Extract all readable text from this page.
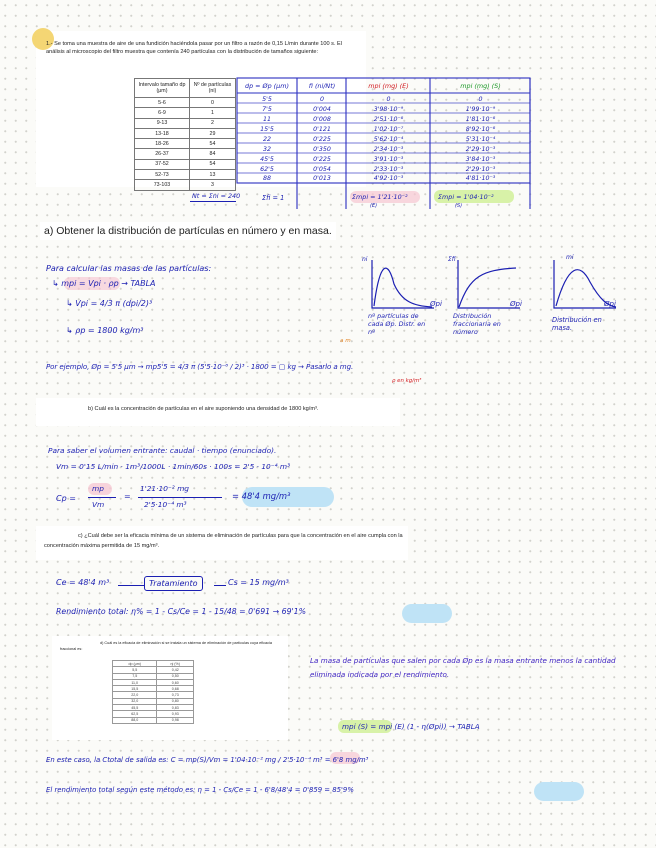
1.- Se toma una muestra de aire de una fundición haciéndola pasar por un filtro a razón de 0,15 L/min durante 100 s. El análisis al microscopio del filtro muestra que contenía 240 partículas con la distribución de tamaños siguiente:
Intervalo tamaño dp (μm)	Nº de partículas (ni)
5-6	0
6-9	1
9-13	2
13-18	29
18-26	54
26-37	84
37-52	54
52-73	13
73-103	3
dp = Øp (μm)	fi (ni/Nt)	mpi (mg) (E)	mpi (mg) (S)
5'5	0	0	0
7'5	0'004	3'98·10⁻⁹	1'99·10⁻⁹
11	0'008	2'51·10⁻⁸	1'81·10⁻⁸
15'5	0'121	1'02·10⁻⁷	8'92·10⁻⁸
22	0'225	5'62·10⁻⁴	5'31·10⁻⁴
32	0'350	2'34·10⁻³	2'29·10⁻³
45'5	0'225	3'91·10⁻³	3'84·10⁻³
62'5	0'054	2'33·10⁻³	2'29·10⁻³
88	0'013	4'92·10⁻³	4'81·10⁻³
Nt = Σni = 240	Σfi = 1	Σmpi = 1'21·10⁻²
(E)
Σmpi = 1'04·10⁻²
(S)
a) Obtener la distribución de partículas en número y en masa.
Para calcular las masas de las partículas:
↳ mpi = Vpi · ρp → TABLA
↳ Vpi = 4/3 π (dpi/2)³
↳ ρp = 1800 kg/m³
ni
Øpi
nº partículas de cada Øp. Distr. en nº
Σfi
Øpi
Distribución fraccionaria en número
mi
Øpi
Distribución en masa.
a m
Por ejemplo, Øp = 5'5 μm → mp5'5 = 4/3 π (5'5·10⁻⁶ / 2)³ · 1800 = ▢ kg → Pasarlo a mg.
ρ en kg/m³
b) Cuál es la concentración de partículas en el aire suponiendo una densidad de 1800 kg/m³.
Para saber el volumen entrante: caudal · tiempo (enunciado).
Vm = 0'15 L/min · 1m³/1000L · 1min/60s · 100s = 2'5 · 10⁻⁴ m³
Cp =
mp
Vm
=
1'21·10⁻² mg
2'5·10⁻⁴ m³
= 48'4 mg/m³
c) ¿Cuál debe ser la eficacia mínima de un sistema de eliminación de partículas para que la concentración en el aire cumpla con la concentración máxima permitida de 15 mg/m³.
Ce = 48'4 m³	Tratamiento	Cs = 15 mg/m³
Rendimiento total: η% = 1 - Cs/Ce = 1 - 15/48 = 0'691 → 69'1%
d) Cuál es la eficacia de eliminación si se instala un sistema de eliminación de partículas cuya eficacia fraccional es:
dp (μm)	ηi (%)
5,5	0,42
7,5	0,50
11,0	0,60
15,5	0,68
22,0	0,73
32,0	0,80
45,5	0,83
62,5	0,93
88,0	0,98
La masa de partículas que salen por cada Øp es la masa entrante menos la cantidad eliminada indicada por el rendimiento.
mpi (S) = mpi (E) (1 - η(Øpi)) → TABLA
En este caso, la Ctotal de salida es: C = mp(S)/Vm = 1'04·10⁻² mg / 2'5·10⁻⁴ m³ = 6'8 mg/m³
El rendimiento total según este método es: η = 1 - Cs/Ce = 1 - 6'8/48'4 = 0'859 = 85'9%
